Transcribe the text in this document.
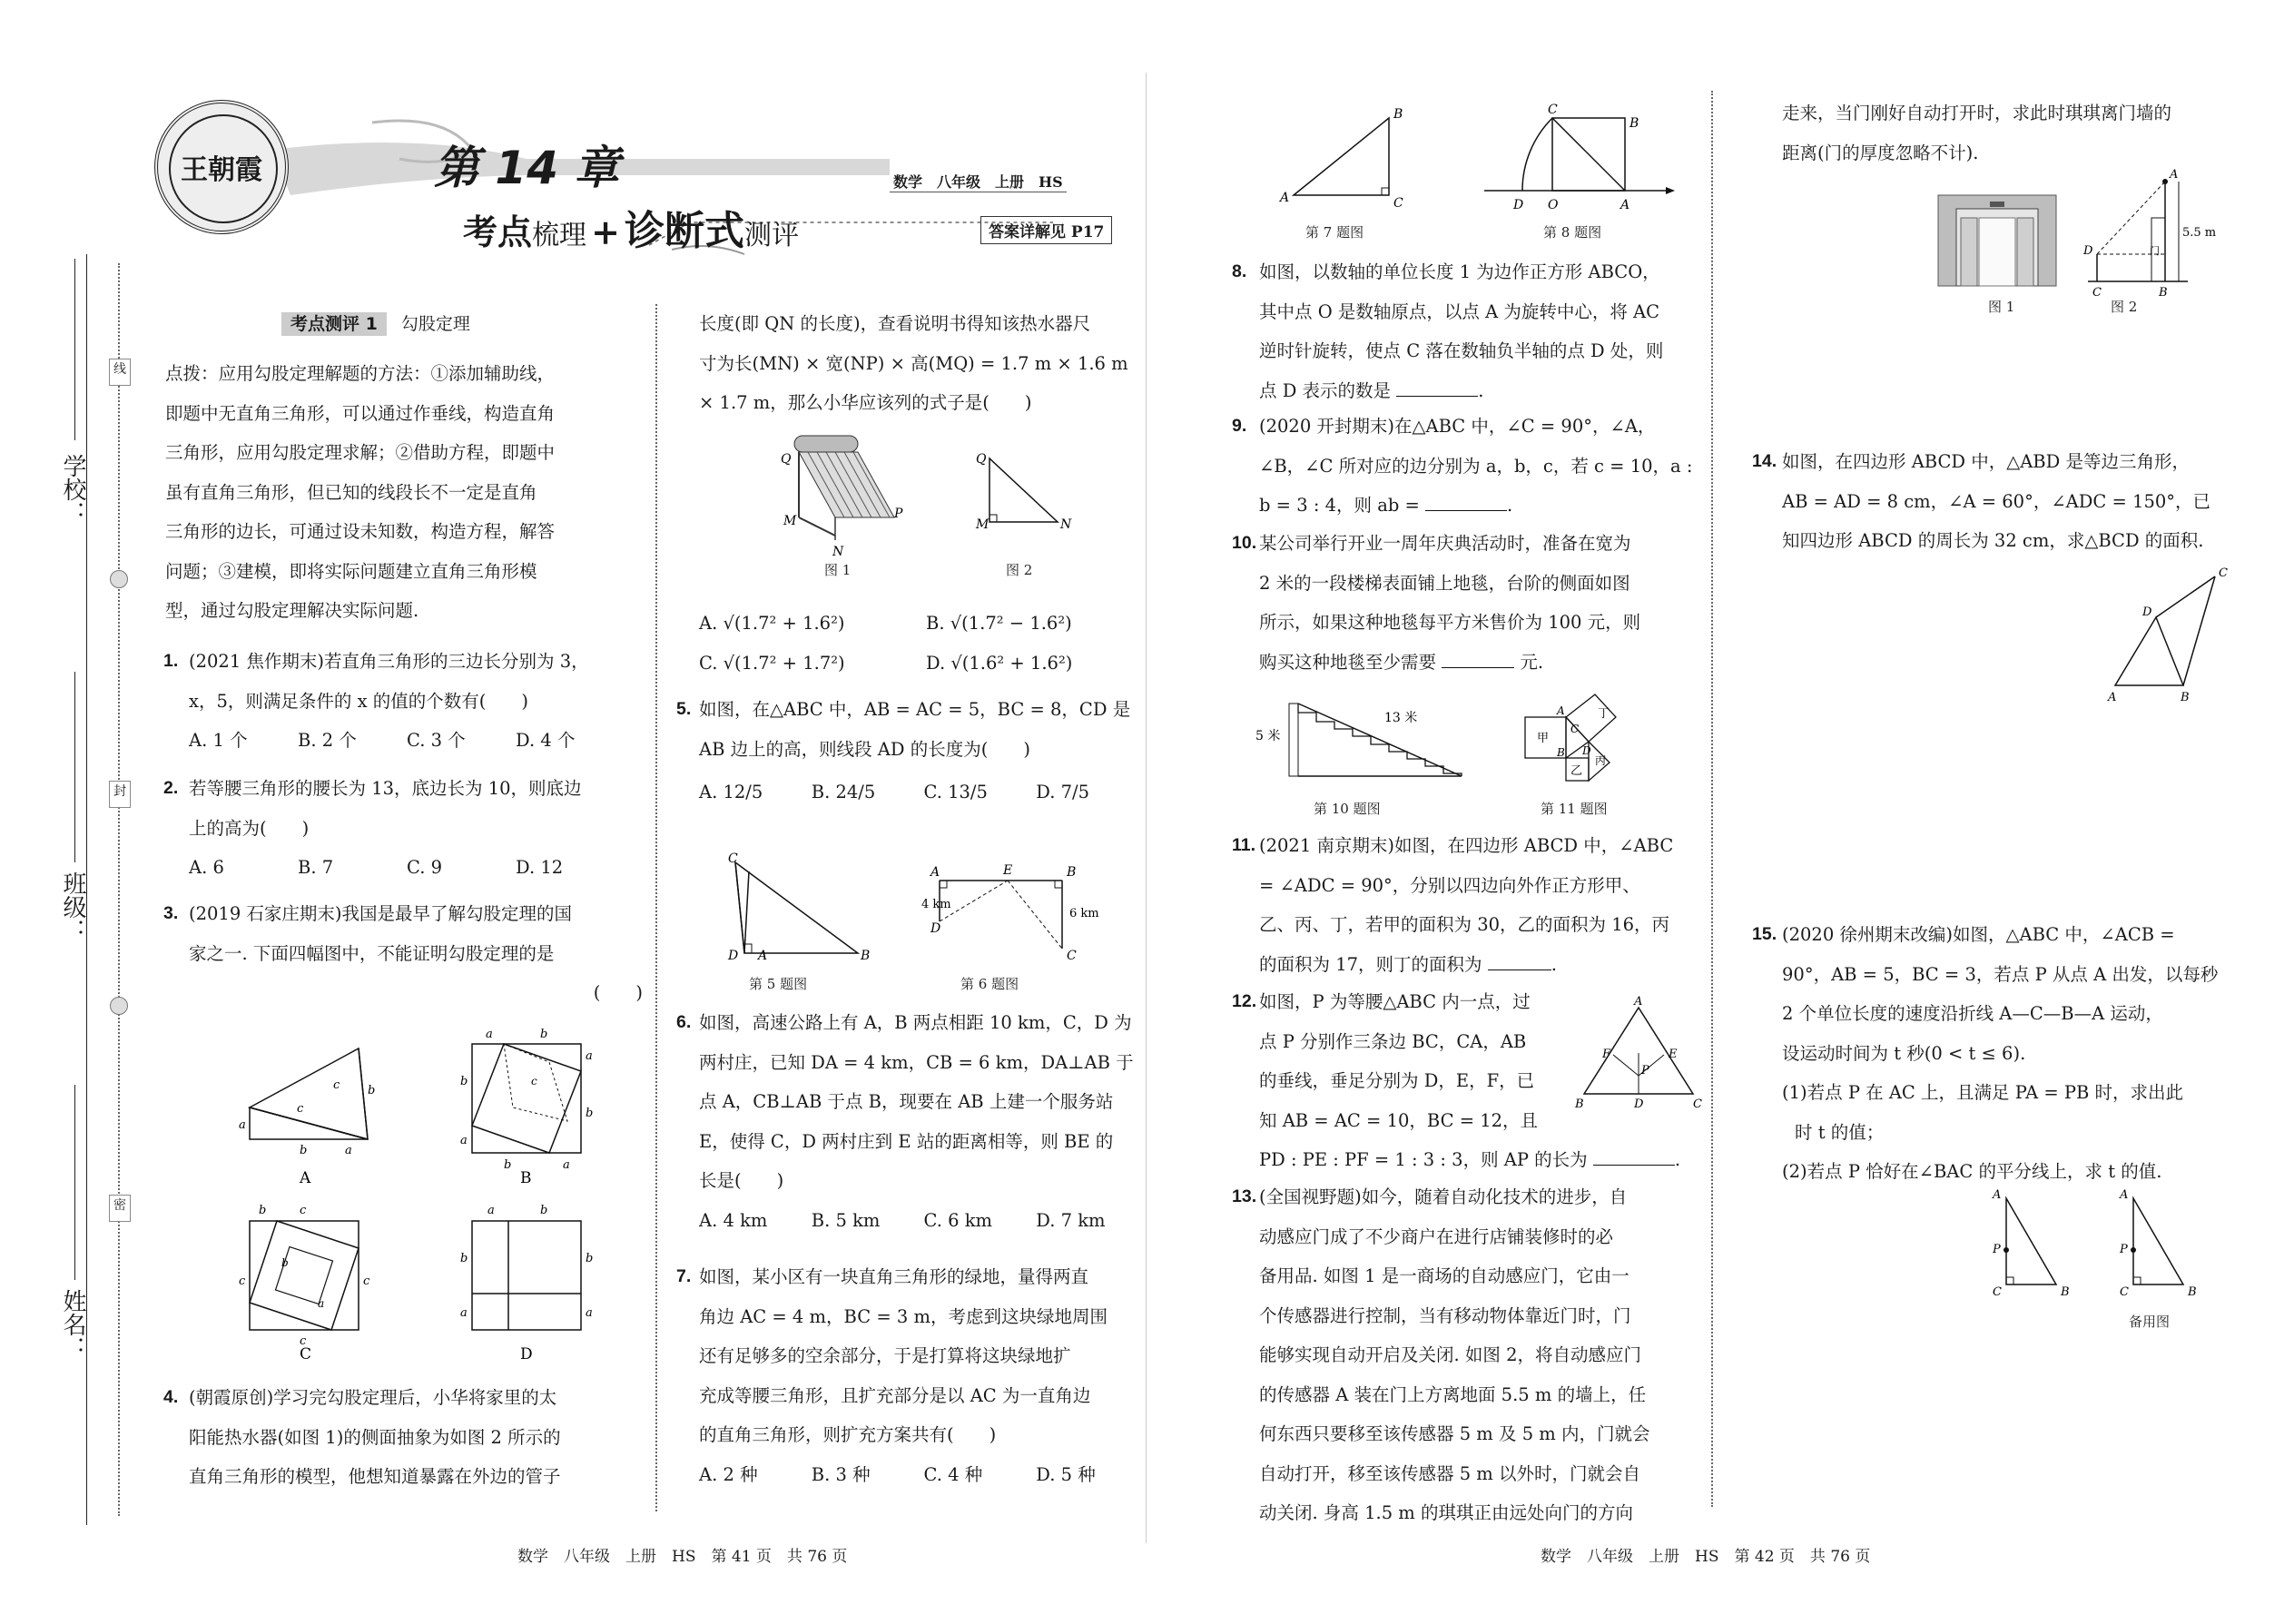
学校：
班级：
姓名：
线
封
密
王朝霞	第 14 章
考点梳理 + 诊断式测评
数学　八年级　上册　HS
答案详解见 P17
考点测评 1 勾股定理
点拨：应用勾股定理解题的方法：①添加辅助线，
即题中无直角三角形，可以通过作垂线，构造直角
三角形，应用勾股定理求解；②借助方程，即题中
虽有直角三角形，但已知的线段长不一定是直角
三角形的边长，可通过设未知数，构造方程，解答
问题；③建模，即将实际问题建立直角三角形模
型，通过勾股定理解决实际问题.
1. (2021 焦作期末)若直角三角形的三边长分别为 3，
x，5，则满足条件的 x 的值的个数有(　　)
A. 1 个	B. 2 个	C. 3 个	D. 4 个
2. 若等腰三角形的腰长为 13，底边长为 10，则底边
上的高为(　　)
A. 6	B. 7	C. 9	D. 12
3. (2019 石家庄期末)我国是最早了解勾股定理的国
家之一. 下面四幅图中，不能证明勾股定理的是
(　　)
a
b	a
b
c
c
a	b
b
a
a
b
b	a
c
A	B
b	c
c	c
c
b
a
a	b
b
a
b
a
C	D
4. (朝霞原创)学习完勾股定理后，小华将家里的太
阳能热水器(如图 1)的侧面抽象为如图 2 所示的
直角三角形的模型，他想知道暴露在外边的管子
长度(即 QN 的长度)，查看说明书得知该热水器尺
寸为长(MN) × 宽(NP) × 高(MQ) = 1.7 m × 1.6 m
× 1.7 m，那么小华应该列的式子是(　　)
Q
M	P
N
Q
M	N
图 1	图 2
A. √(1.7² + 1.6²)	B. √(1.7² − 1.6²)
C. √(1.7² + 1.7²)	D. √(1.6² + 1.6²)
5. 如图，在△ABC 中，AB = AC = 5，BC = 8，CD 是
AB 边上的高，则线段 AD 的长度为(　　)
A. 12/5	B. 24/5	C. 13/5	D. 7/5
C
D A	B
A	E	B
4 km
6 km
D
C
第 5 题图	第 6 题图
6. 如图，高速公路上有 A，B 两点相距 10 km，C，D 为
两村庄，已知 DA = 4 km，CB = 6 km，DA⊥AB 于
点 A，CB⊥AB 于点 B，现要在 AB 上建一个服务站
E，使得 C，D 两村庄到 E 站的距离相等，则 BE 的
长是(　　)
A. 4 km	B. 5 km	C. 6 km	D. 7 km
7. 如图，某小区有一块直角三角形的绿地，量得两直
角边 AC = 4 m，BC = 3 m，考虑到这块绿地周围
还有足够多的空余部分，于是打算将这块绿地扩
充成等腰三角形，且扩充部分是以 AC 为一直角边
的直角三角形，则扩充方案共有(　　)
A. 2 种	B. 3 种	C. 4 种	D. 5 种
A
B
C
C
B
D O	A
第 7 题图	第 8 题图
8. 如图，以数轴的单位长度 1 为边作正方形 ABCO，
其中点 O 是数轴原点，以点 A 为旋转中心，将 AC
逆时针旋转，使点 C 落在数轴负半轴的点 D 处，则
点 D 表示的数是	.
9. (2020 开封期末)在△ABC 中，∠C = 90°，∠A，
∠B，∠C 所对应的边分别为 a，b，c，若 c = 10，a :
b = 3 : 4，则 ab =	.
10. 某公司举行开业一周年庆典活动时，准备在宽为
2 米的一段楼梯表面铺上地毯，台阶的侧面如图
所示，如果这种地毯每平方米售价为 100 元，则
购买这种地毯至少需要	元.
5 米
13 米
甲
丁
乙
丙
C
B D
A
第 10 题图	第 11 题图
11. (2021 南京期末)如图，在四边形 ABCD 中，∠ABC
= ∠ADC = 90°，分别以四边向外作正方形甲、
乙、丙、丁，若甲的面积为 30，乙的面积为 16，丙
的面积为 17，则丁的面积为	.
12. 如图，P 为等腰△ABC 内一点，过
点 P 分别作三条边 BC，CA，AB
的垂线，垂足分别为 D，E，F，已
知 AB = AC = 10，BC = 12，且
PD : PE : PF = 1 : 3 : 3，则 AP 的长为	.
A
F	E
P
B	D	C
13. (全国视野题)如今，随着自动化技术的进步，自
动感应门成了不少商户在进行店铺装修时的必
备用品. 如图 1 是一商场的自动感应门，它由一
个传感器进行控制，当有移动物体靠近门时，门
能够实现自动开启及关闭. 如图 2，将自动感应门
的传感器 A 装在门上方离地面 5.5 m 的墙上，任
何东西只要移至该传感器 5 m 及 5 m 内，门就会
自动打开，移至该传感器 5 m 以外时，门就会自
动关闭. 身高 1.5 m 的琪琪正由远处向门的方向
走来，当门刚好自动打开时，求此时琪琪离门墙的
距离(门的厚度忽略不计).
A
D
C	B
门
5.5 m
图 1	图 2
14. 如图，在四边形 ABCD 中，△ABD 是等边三角形，
AB = AD = 8 cm，∠A = 60°，∠ADC = 150°，已
知四边形 ABCD 的周长为 32 cm，求△BCD 的面积.
A	B
D
C
15. (2020 徐州期末改编)如图，△ABC 中，∠ACB =
90°，AB = 5，BC = 3，若点 P 从点 A 出发，以每秒
2 个单位长度的速度沿折线 A—C—B—A 运动，
设运动时间为 t 秒(0 < t ≤ 6).
(1)若点 P 在 AC 上，且满足 PA = PB 时，求出此
时 t 的值；
(2)若点 P 恰好在∠BAC 的平分线上，求 t 的值.
A
P
C	B
A
P
C	B
备用图
数学　八年级　上册　HS　第 41 页　共 76 页	数学　八年级　上册　HS　第 42 页　共 76 页
